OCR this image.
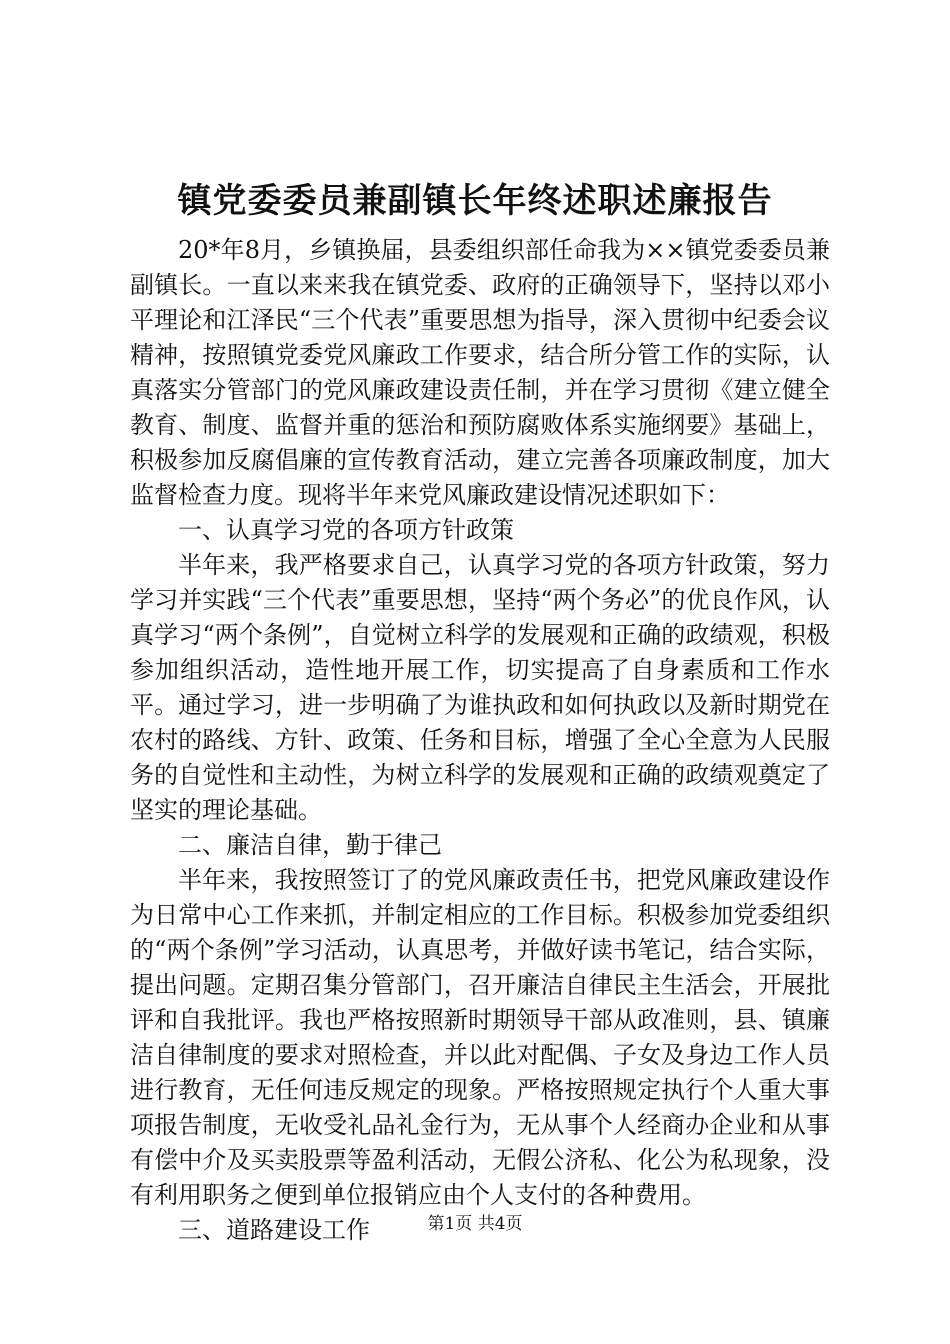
镇党委委员兼副镇长年终述职述廉报告

20*年8月，乡镇换届，县委组织部任命我为××镇党委委员兼副镇长。一直以来来我在镇党委、政府的正确领导下，坚持以邓小平理论和江泽民“三个代表”重要思想为指导，深入贯彻中纪委会议精神，按照镇党委党风廉政工作要求，结合所分管工作的实际，认真落实分管部门的党风廉政建设责任制，并在学习贯彻《建立健全教育、制度、监督并重的惩治和预防腐败体系实施纲要》基础上，积极参加反腐倡廉的宣传教育活动，建立完善各项廉政制度，加大监督检查力度。现将半年来党风廉政建设情况述职如下：

一、认真学习党的各项方针政策

半年来，我严格要求自己，认真学习党的各项方针政策，努力学习并实践“三个代表”重要思想，坚持“两个务必”的优良作风，认真学习“两个条例”，自觉树立科学的发展观和正确的政绩观，积极参加组织活动，造性地开展工作，切实提高了自身素质和工作水平。通过学习，进一步明确了为谁执政和如何执政以及新时期党在农村的路线、方针、政策、任务和目标，增强了全心全意为人民服务的自觉性和主动性，为树立科学的发展观和正确的政绩观奠定了坚实的理论基础。

二、廉洁自律，勤于律己

半年来，我按照签订了的党风廉政责任书，把党风廉政建设作为日常中心工作来抓，并制定相应的工作目标。积极参加党委组织的“两个条例”学习活动，认真思考，并做好读书笔记，结合实际，提出问题。定期召集分管部门，召开廉洁自律民主生活会，开展批评和自我批评。我也严格按照新时期领导干部从政准则，县、镇廉洁自律制度的要求对照检查，并以此对配偶、子女及身边工作人员进行教育，无任何违反规定的现象。严格按照规定执行个人重大事项报告制度，无收受礼品礼金行为，无从事个人经商办企业和从事有偿中介及买卖股票等盈利活动，无假公济私、化公为私现象，没有利用职务之便到单位报销应由个人支付的各种费用。

三、道路建设工作	第1页 共4页
